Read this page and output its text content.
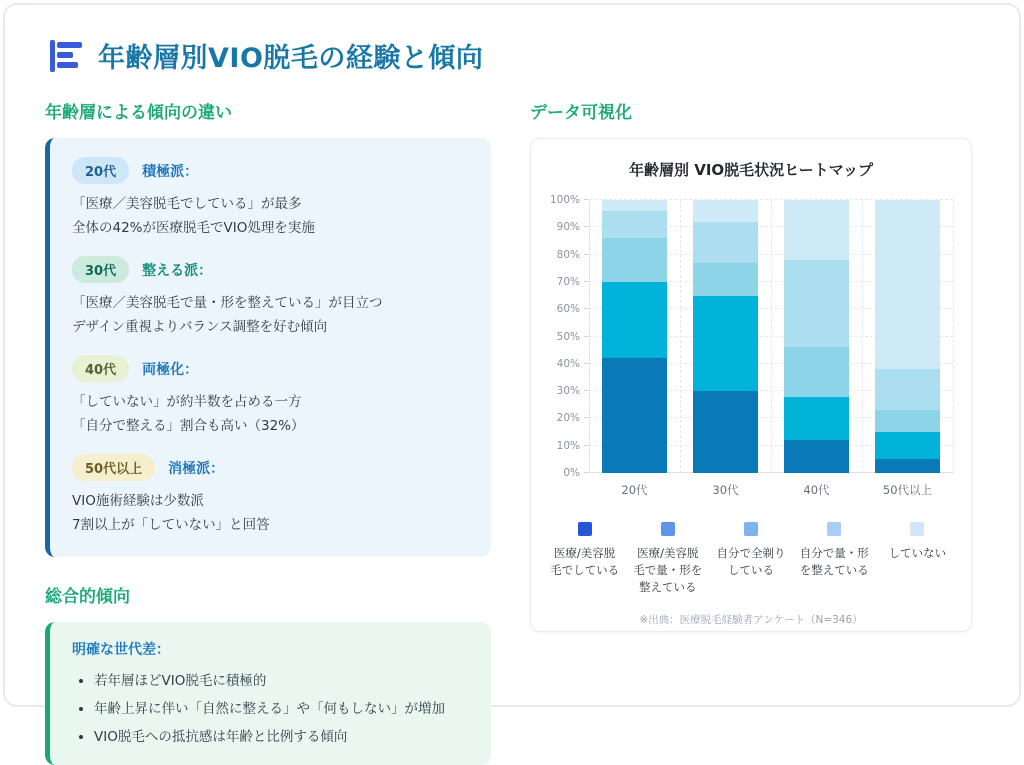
年齢層別VIO脱毛の経験と傾向
年齢層による傾向の違い
20代	積極派：
「医療／美容脱毛でしている」が最多
全体の42%が医療脱毛でVIO処理を実施
30代	整える派：
「医療／美容脱毛で量・形を整えている」が目立つ
デザイン重視よりバランス調整を好む傾向
40代	両極化：
「していない」が約半数を占める一方
「自分で整える」割合も高い（32%）
50代以上	消極派：
VIO施術経験は少数派
7割以上が「していない」と回答
総合的傾向
明確な世代差：
• 若年層ほどVIO脱毛に積極的
• 年齢上昇に伴い「自然に整える」や「何もしない」が増加
• VIO脱毛への抵抗感は年齢と比例する傾向
データ可視化
年齢層別 VIO脱毛状況ヒートマップ
0%
10%
20%
30%
40%
50%
60%
70%
80%
90%
100%
20代	30代	40代	50代以上
医療/美容脱
毛でしている
医療/美容脱
毛で量・形を
整えている
自分で全剃り
している
自分で量・形
を整えている
していない
※出典：医療脱毛経験者アンケート（N=346）
